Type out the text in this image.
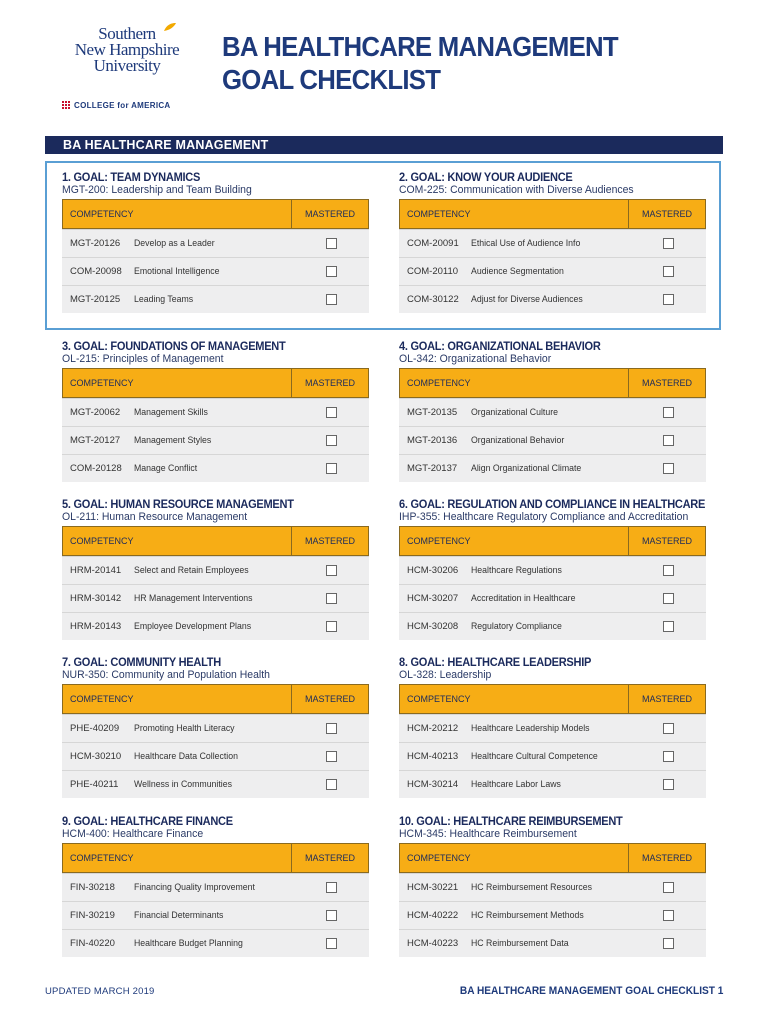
Southern
New Hampshire
University
COLLEGE for AMERICA
BA HEALTHCARE MANAGEMENT
GOAL CHECKLIST
BA HEALTHCARE MANAGEMENT
1. GOAL: TEAM DYNAMICS
MGT-200: Leadership and Team Building
COMPETENCY	MASTERED
MGT-20126	Develop as a Leader
COM-20098	Emotional Intelligence
MGT-20125	Leading Teams
2. GOAL: KNOW YOUR AUDIENCE
COM-225: Communication with Diverse Audiences
COMPETENCY	MASTERED
COM-20091	Ethical Use of Audience Info
COM-20110	Audience Segmentation
COM-30122	Adjust for Diverse Audiences
3. GOAL: FOUNDATIONS OF MANAGEMENT
OL-215: Principles of Management
COMPETENCY	MASTERED
MGT-20062	Management Skills
MGT-20127	Management Styles
COM-20128	Manage Conflict
4. GOAL: ORGANIZATIONAL BEHAVIOR
OL-342: Organizational Behavior
COMPETENCY	MASTERED
MGT-20135	Organizational Culture
MGT-20136	Organizational Behavior
MGT-20137	Align Organizational Climate
5. GOAL: HUMAN RESOURCE MANAGEMENT
OL-211: Human Resource Management
COMPETENCY	MASTERED
HRM-20141	Select and Retain Employees
HRM-30142	HR Management Interventions
HRM-20143	Employee Development Plans
6. GOAL: REGULATION AND COMPLIANCE IN HEALTHCARE
IHP-355: Healthcare Regulatory Compliance and Accreditation
COMPETENCY	MASTERED
HCM-30206	Healthcare Regulations
HCM-30207	Accreditation in Healthcare
HCM-30208	Regulatory Compliance
7. GOAL: COMMUNITY HEALTH
NUR-350: Community and Population Health
COMPETENCY	MASTERED
PHE-40209	Promoting Health Literacy
HCM-30210	Healthcare Data Collection
PHE-40211	Wellness in Communities
8. GOAL: HEALTHCARE LEADERSHIP
OL-328: Leadership
COMPETENCY	MASTERED
HCM-20212	Healthcare Leadership Models
HCM-40213	Healthcare Cultural Competence
HCM-30214	Healthcare Labor Laws
9. GOAL: HEALTHCARE FINANCE
HCM-400: Healthcare Finance
COMPETENCY	MASTERED
FIN-30218	Financing Quality Improvement
FIN-30219	Financial Determinants
FIN-40220	Healthcare Budget Planning
10. GOAL: HEALTHCARE REIMBURSEMENT
HCM-345: Healthcare Reimbursement
COMPETENCY	MASTERED
HCM-30221	HC Reimbursement Resources
HCM-40222	HC Reimbursement Methods
HCM-40223	HC Reimbursement Data
UPDATED MARCH 2019	BA HEALTHCARE MANAGEMENT GOAL CHECKLIST 1
